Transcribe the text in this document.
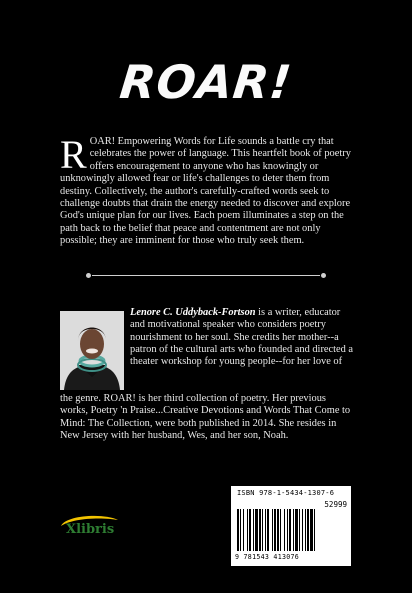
ROAR!
ROAR! Empowering Words for Life sounds a battle cry that celebrates the power of language. This heartfelt book of poetry offers encouragement to anyone who has knowingly or unknowingly allowed fear or life's challenges to deter them from destiny. Collectively, the author's carefully-crafted words seek to challenge doubts that drain the energy needed to discover and explore God's unique plan for our lives. Each poem illuminates a step on the path back to the belief that peace and contentment are not only possible; they are imminent for those who truly seek them.
Lenore C. Uddyback-Fortson is a writer, educator and motivational speaker who considers poetry nourishment to her soul. She credits her mother--a patron of the cultural arts who founded and directed a theater workshop for young people--for her love of
the genre. ROAR! is her third collection of poetry. Her previous works, Poetry 'n Praise...Creative Devotions and Words That Come to Mind: The Collection, were both published in 2014. She resides in New Jersey with her husband, Wes, and her son, Noah.
Xlibris
ISBN 978-1-5434-1307-6
52999
9 781543 413076
